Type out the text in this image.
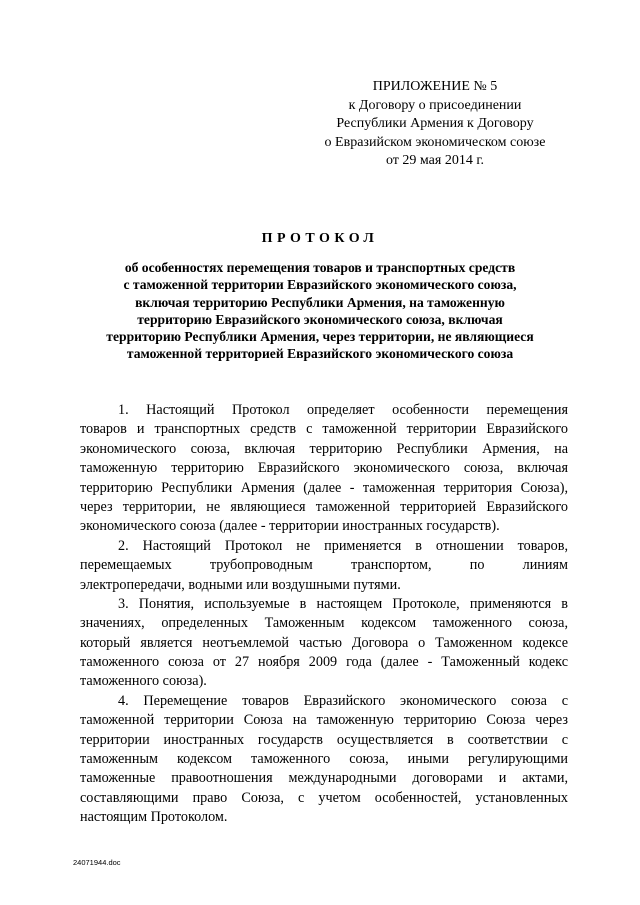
ПРИЛОЖЕНИЕ № 5
к Договору о присоединении
Республики Армения к Договору
о Евразийском экономическом союзе
от 29 мая 2014 г.
ПРОТОКОЛ
об особенностях перемещения товаров и транспортных средств
с таможенной территории Евразийского экономического союза,
включая территорию Республики Армения, на таможенную
территорию Евразийского экономического союза, включая
территорию Республики Армения, через территории, не являющиеся
таможенной территорией Евразийского экономического союза
1. Настоящий Протокол определяет особенности перемещения
товаров и транспортных средств с таможенной территории Евразийского
экономического союза, включая территорию Республики Армения, на
таможенную территорию Евразийского экономического союза, включая
территорию Республики Армения (далее - таможенная территория Союза),
через территории, не являющиеся таможенной территорией Евразийского
экономического союза (далее - территории иностранных государств).
2. Настоящий Протокол не применяется в отношении товаров,
перемещаемых трубопроводным транспортом, по линиям
электропередачи, водными или воздушными путями.
3. Понятия, используемые в настоящем Протоколе, применяются в
значениях, определенных Таможенным кодексом таможенного союза,
который является неотъемлемой частью Договора о Таможенном кодексе
таможенного союза от 27 ноября 2009 года (далее - Таможенный кодекс
таможенного союза).
4. Перемещение товаров Евразийского экономического союза с
таможенной территории Союза на таможенную территорию Союза через
территории иностранных государств осуществляется в соответствии с
таможенным кодексом таможенного союза, иными регулирующими
таможенные правоотношения международными договорами и актами,
составляющими право Союза, с учетом особенностей, установленных
настоящим Протоколом.
24071944.doc
